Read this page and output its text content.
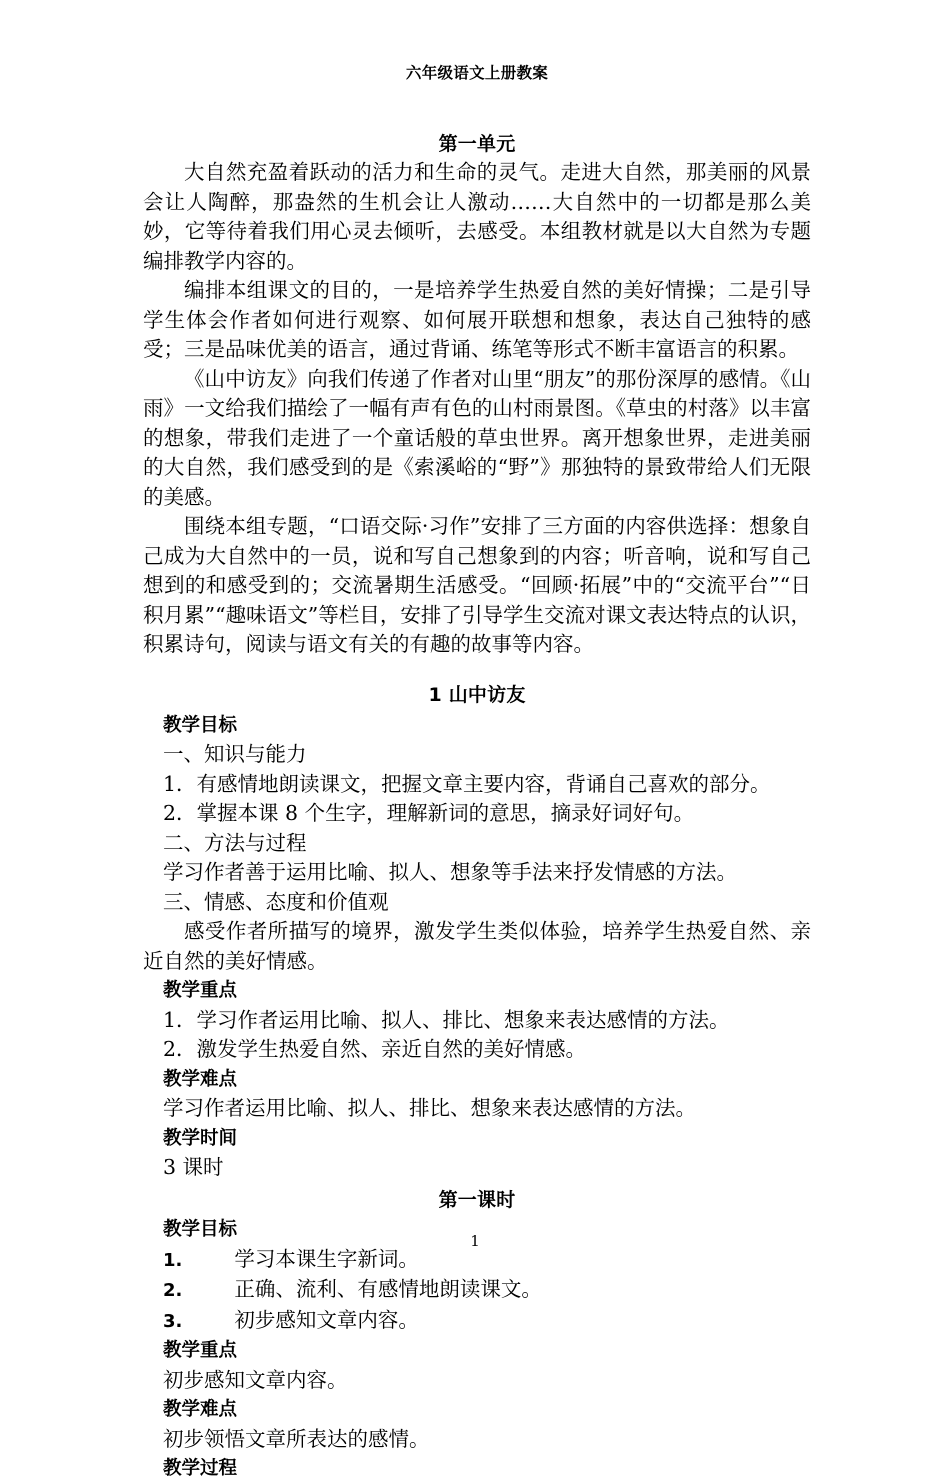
六年级语文上册教案
第一单元

大自然充盈着跃动的活力和生命的灵气。走进大自然，那美丽的风景会让人陶醉，那盎然的生机会让人激动……大自然中的一切都是那么美妙，它等待着我们用心灵去倾听，去感受。本组教材就是以大自然为专题编排教学内容的。

编排本组课文的目的，一是培养学生热爱自然的美好情操；二是引导学生体会作者如何进行观察、如何展开联想和想象，表达自己独特的感受；三是品味优美的语言，通过背诵、练笔等形式不断丰富语言的积累。

《山中访友》向我们传递了作者对山里“朋友”的那份深厚的感情。《山雨》一文给我们描绘了一幅有声有色的山村雨景图。《草虫的村落》以丰富的想象，带我们走进了一个童话般的草虫世界。离开想象世界，走进美丽的大自然，我们感受到的是《索溪峪的“野”》那独特的景致带给人们无限的美感。

围绕本组专题，“口语交际·习作”安排了三方面的内容供选择：想象自己成为大自然中的一员，说和写自己想象到的内容；听音响，说和写自己想到的和感受到的；交流暑期生活感受。“回顾·拓展”中的“交流平台”“日积月累”“趣味语文”等栏目，安排了引导学生交流对课文表达特点的认识，积累诗句，阅读与语文有关的有趣的故事等内容。

1 山中访友
教学目标
一、知识与能力
1．有感情地朗读课文，把握文章主要内容，背诵自己喜欢的部分。
2．掌握本课 8 个生字，理解新词的意思，摘录好词好句。
二、方法与过程
学习作者善于运用比喻、拟人、想象等手法来抒发情感的方法。
三、情感、态度和价值观

感受作者所描写的境界，激发学生类似体验，培养学生热爱自然、亲近自然的美好情感。

教学重点
1．学习作者运用比喻、拟人、排比、想象来表达感情的方法。
2．激发学生热爱自然、亲近自然的美好情感。
教学难点
学习作者运用比喻、拟人、排比、想象来表达感情的方法。
教学时间
3 课时
第一课时
教学目标
1.	学习本课生字新词。
2.	正确、流利、有感情地朗读课文。
3.	初步感知文章内容。
教学重点
初步感知文章内容。
教学难点
初步领悟文章所表达的感情。
教学过程
1
